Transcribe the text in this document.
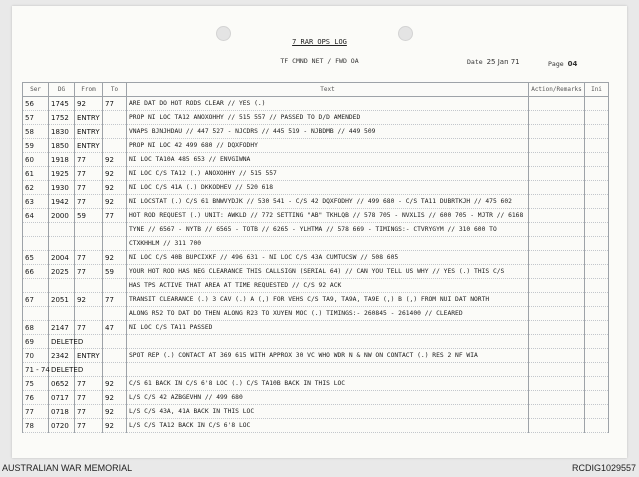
7 RAR OPS LOG
TF CMND NET / FWD OA	Date 25 Jan 71	Page 04
Ser	DG	From	To	Text	Action/Remarks	Ini
56	1745	92	77	ARE DAT DO HOT RODS CLEAR // YES (.)		
57	1752	ENTRY		PROP NI LOC TA12 ANOXOHHY // 515 557 // PASSED TO D/D AMENDED		
58	1830	ENTRY		VNAPS BJNJHDAU // 447 527 - NJCDRS // 445 519 - NJBDMB // 449 509		
59	1850	ENTRY		PROP NI LOC 42 499 680 // DQXFODHY		
60	1918	77	92	NI LOC TA10A 485 653 // ENVGIWNA		
61	1925	77	92	NI LOC C/S TA12 (.) ANOXOHHY // 515 557		
62	1930	77	92	NI LOC C/S 41A (.) DKKODHEV // 520 618		
63	1942	77	92	NI LOCSTAT (.) C/S 61 BNWVYDJK // 530 541 - C/S 42 DQXFODHY // 499 680 - C/S TA11 DUBRTKJH // 475 602		
64	2000	59	77	HOT ROD REQUEST (.) UNIT: AWKLD // 772 SETTING "AB" TKHLQB // 578 705 - NVXLIS // 600 705 - MJTR // 6168		
				TYNE // 6567 - NYTB // 6565 - TOTB // 6265 - YLHTMA // 578 669 - TIMINGS:- CTVRYGYM // 310 600 TO		
				CTXKHHLM // 311 700		
65	2004	77	92	NI LOC C/S 40B BUPCIXKF // 496 631 - NI LOC C/S 43A CUMTUCSW // 508 605		
66	2025	77	59	YOUR HOT ROD HAS NEG CLEARANCE THIS CALLSIGN (SERIAL 64) // CAN YOU TELL US WHY // YES (.) THIS C/S		
				HAS TPS ACTIVE THAT AREA AT TIME REQUESTED // C/S 92 ACK		
67	2051	92	77	TRANSIT CLEARANCE (.) 3 CAV (.) A (,) FOR VEHS C/S TA9, TA9A, TA9E (,) B (,) FROM NUI DAT NORTH		
				ALONG R52 TO DAT DO THEN ALONG R23 TO XUYEN MOC (.) TIMINGS:- 260845 - 261400 // CLEARED		
68	2147	77	47	NI LOC C/S TA11 PASSED		
69	DELETED					
70	2342	ENTRY		SPOT REP (.) CONTACT AT 369 615 WITH APPROX 30 VC WHO WDR N & NW ON CONTACT (.) RES 2 NF WIA		
71 - 74	DELETED					
75	0652	77	92	C/S 61 BACK IN C/S 6'8 LOC (.) C/S TA10B BACK IN THIS LOC		
76	0717	77	92	L/S C/S 42 AZBGEVHN // 499 680		
77	0718	77	92	L/S C/S 43A, 41A BACK IN THIS LOC		
78	0720	77	92	L/S C/S TA12 BACK IN C/S 6'8 LOC		
AUSTRALIAN WAR MEMORIAL	RCDIG1029557
